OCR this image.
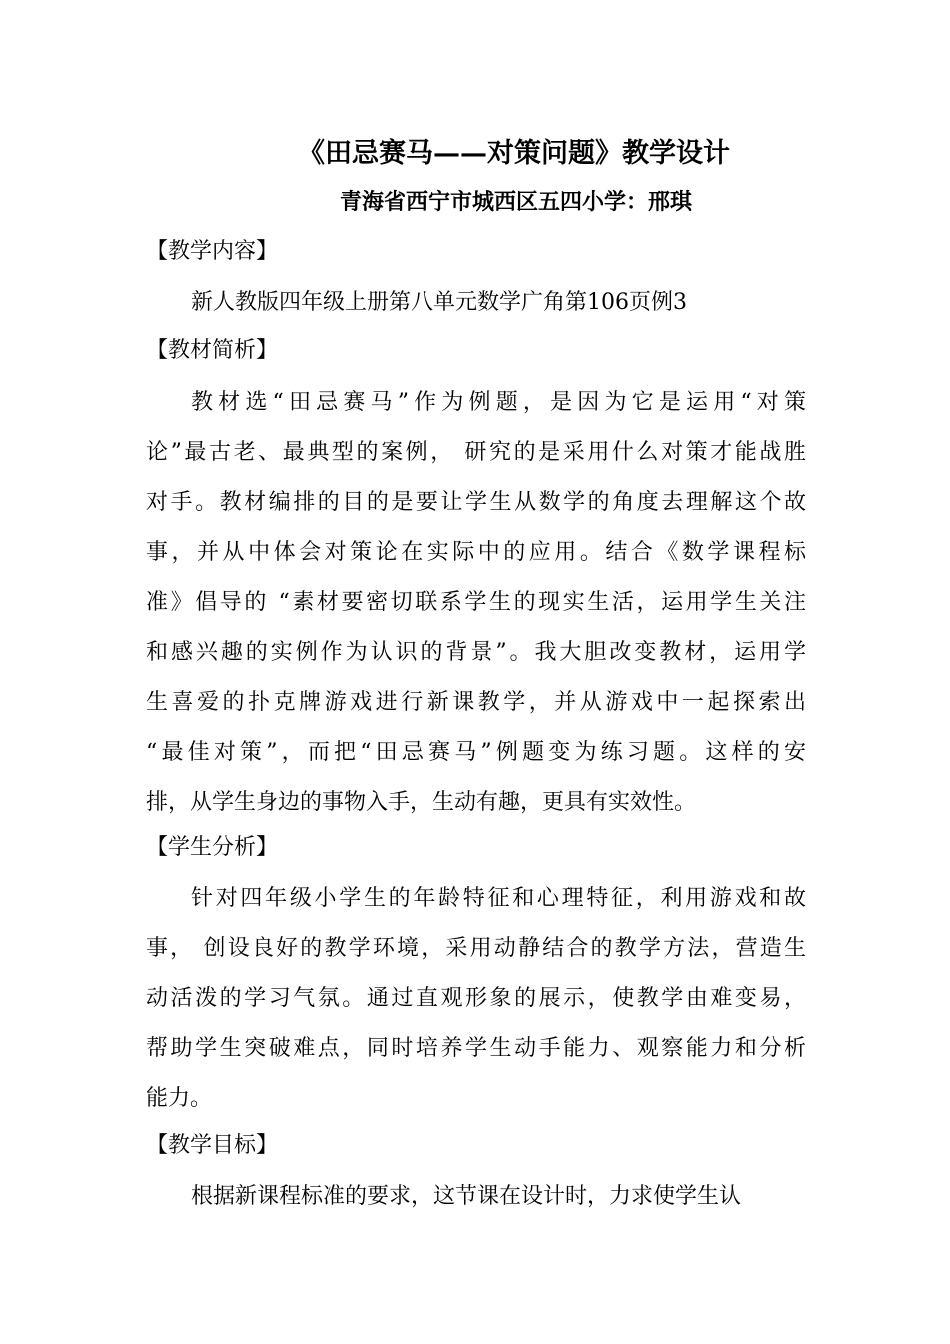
《田忌赛马——对策问题》教学设计
青海省西宁市城西区五四小学：邢琪
【教学内容】
新人教版四年级上册第八单元数学广角第106页例3
【教材简析】
教材选“田忌赛马”作为例题，是因为它是运用“对策
论”最古老、最典型的案例， 研究的是采用什么对策才能战胜
对手。教材编排的目的是要让学生从数学的角度去理解这个故
事，并从中体会对策论在实际中的应用。结合《数学课程标
准》倡导的 “素材要密切联系学生的现实生活，运用学生关注
和感兴趣的实例作为认识的背景”。我大胆改变教材，运用学
生喜爱的扑克牌游戏进行新课教学，并从游戏中一起探索出
“最佳对策”，而把“田忌赛马”例题变为练习题。这样的安
排，从学生身边的事物入手，生动有趣，更具有实效性。
【学生分析】
针对四年级小学生的年龄特征和心理特征，利用游戏和故
事， 创设良好的教学环境，采用动静结合的教学方法，营造生
动活泼的学习气氛。通过直观形象的展示，使教学由难变易，
帮助学生突破难点，同时培养学生动手能力、观察能力和分析
能力。
【教学目标】
根据新课程标准的要求，这节课在设计时，力求使学生认
